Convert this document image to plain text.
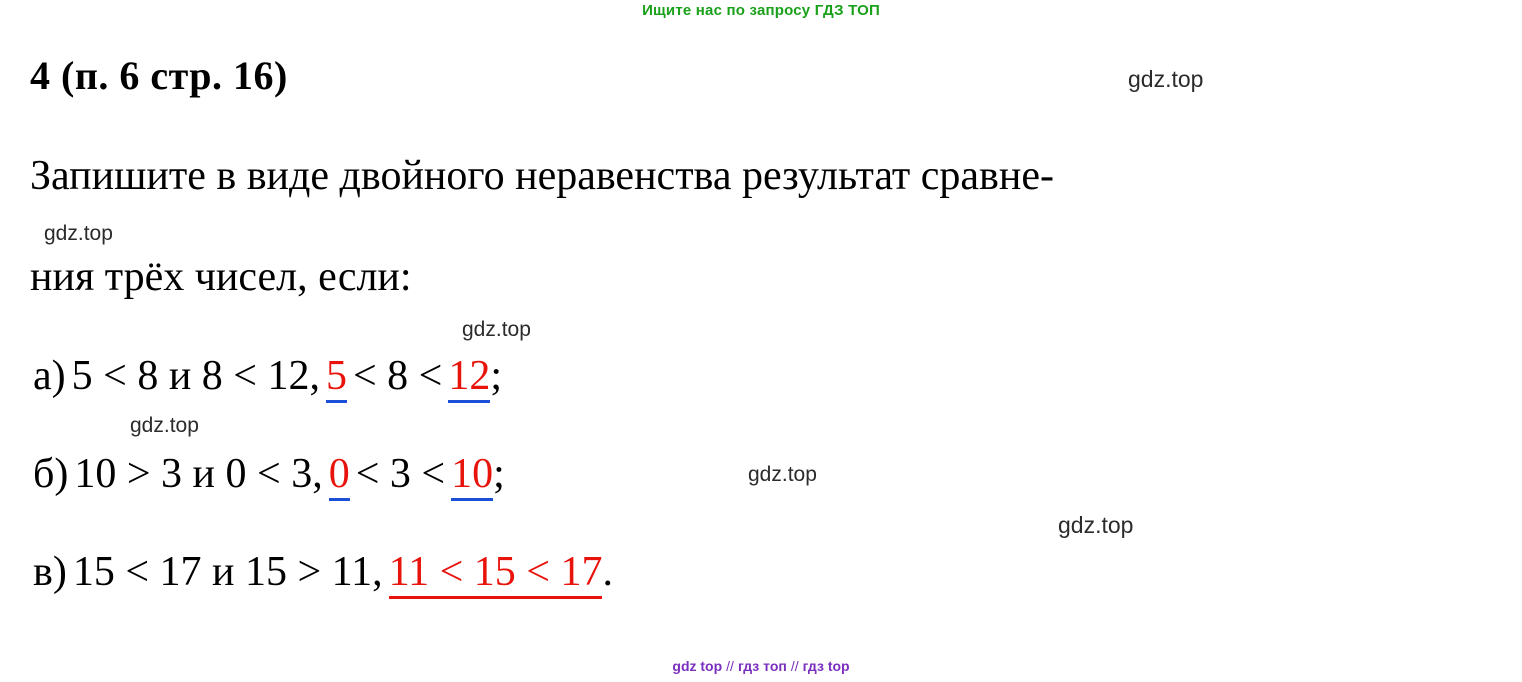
Ищите нас по запросу ГДЗ ТОП
gdz.top
4 (п. 6 стр. 16)
Запишите в виде двойного неравенства результат сравне-
gdz.top
ния трёх чисел, если:
gdz.top
а) 5 < 8 и 8 < 12, 5 < 8 < 12;
gdz.top
б) 10 > 3 и 0 < 3, 0 < 3 < 10;	gdz.top
gdz.top
в) 15 < 17 и 15 > 11, 11 < 15 < 17.
gdz top // гдз топ // гдз top
